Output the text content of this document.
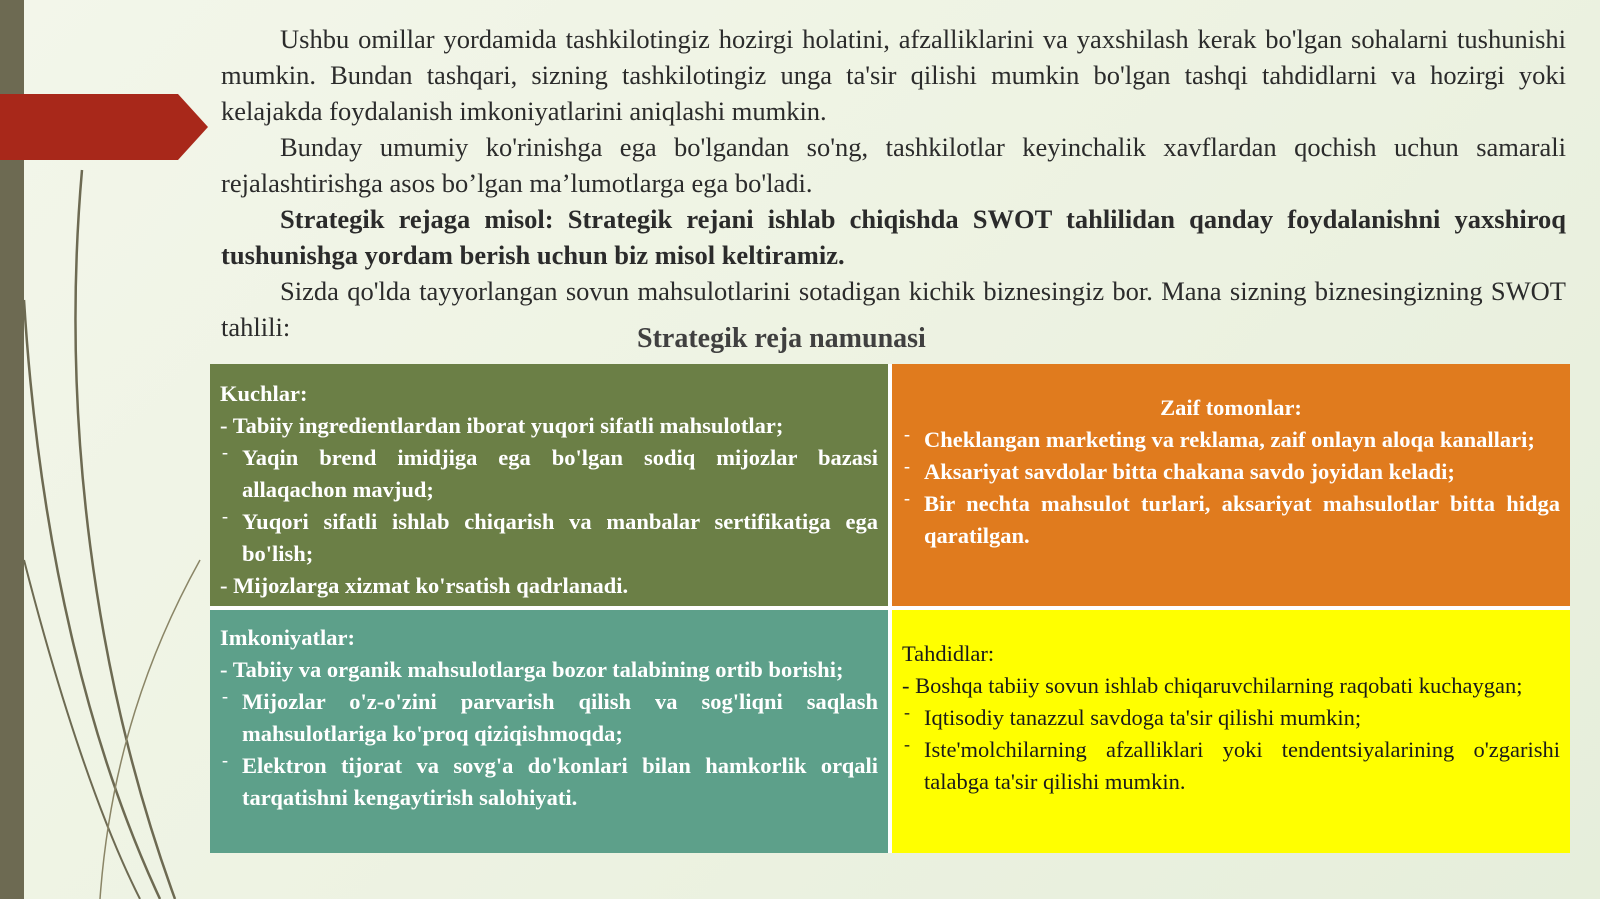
Ushbu omillar yordamida tashkilotingiz hozirgi holatini, afzalliklarini va yaxshilash kerak bo'lgan sohalarni tushunishi mumkin. Bundan tashqari, sizning tashkilotingiz unga ta'sir qilishi mumkin bo'lgan tashqi tahdidlarni va hozirgi yoki kelajakda foydalanish imkoniyatlarini aniqlashi mumkin.

Bunday umumiy ko'rinishga ega bo'lgandan so'ng, tashkilotlar keyinchalik xavflardan qochish uchun samarali rejalashtirishga asos bo’lgan ma’lumotlarga ega bo'ladi.

Strategik rejaga misol: Strategik rejani ishlab chiqishda SWOT tahlilidan qanday foydalanishni yaxshiroq tushunishga yordam berish uchun biz misol keltiramiz.

Sizda qo'lda tayyorlangan sovun mahsulotlarini sotadigan kichik biznesingiz bor. Mana sizning biznesingizning SWOT tahlili:	Strategik reja namunasi
Kuchlar:
- Tabiiy ingredientlardan iborat yuqori sifatli mahsulotlar;
- Yaqin brend imidjiga ega bo'lgan sodiq mijozlar bazasi allaqachon mavjud;
- Yuqori sifatli ishlab chiqarish va manbalar sertifikatiga ega bo'lish;
- Mijozlarga xizmat ko'rsatish qadrlanadi.
Zaif tomonlar:
- Cheklangan marketing va reklama, zaif onlayn aloqa kanallari;
- Aksariyat savdolar bitta chakana savdo joyidan keladi;
- Bir nechta mahsulot turlari, aksariyat mahsulotlar bitta hidga qaratilgan.
Imkoniyatlar:
- Tabiiy va organik mahsulotlarga bozor talabining ortib borishi;
- Mijozlar o'z-o'zini parvarish qilish va sog'liqni saqlash mahsulotlariga ko'proq qiziqishmoqda;
- Elektron tijorat va sovg'a do'konlari bilan hamkorlik orqali tarqatishni kengaytirish salohiyati.
Tahdidlar:
- Boshqa tabiiy sovun ishlab chiqaruvchilarning raqobati kuchaygan;
- Iqtisodiy tanazzul savdoga ta'sir qilishi mumkin;
- Iste'molchilarning afzalliklari yoki tendentsiyalarining o'zgarishi talabga ta'sir qilishi mumkin.
